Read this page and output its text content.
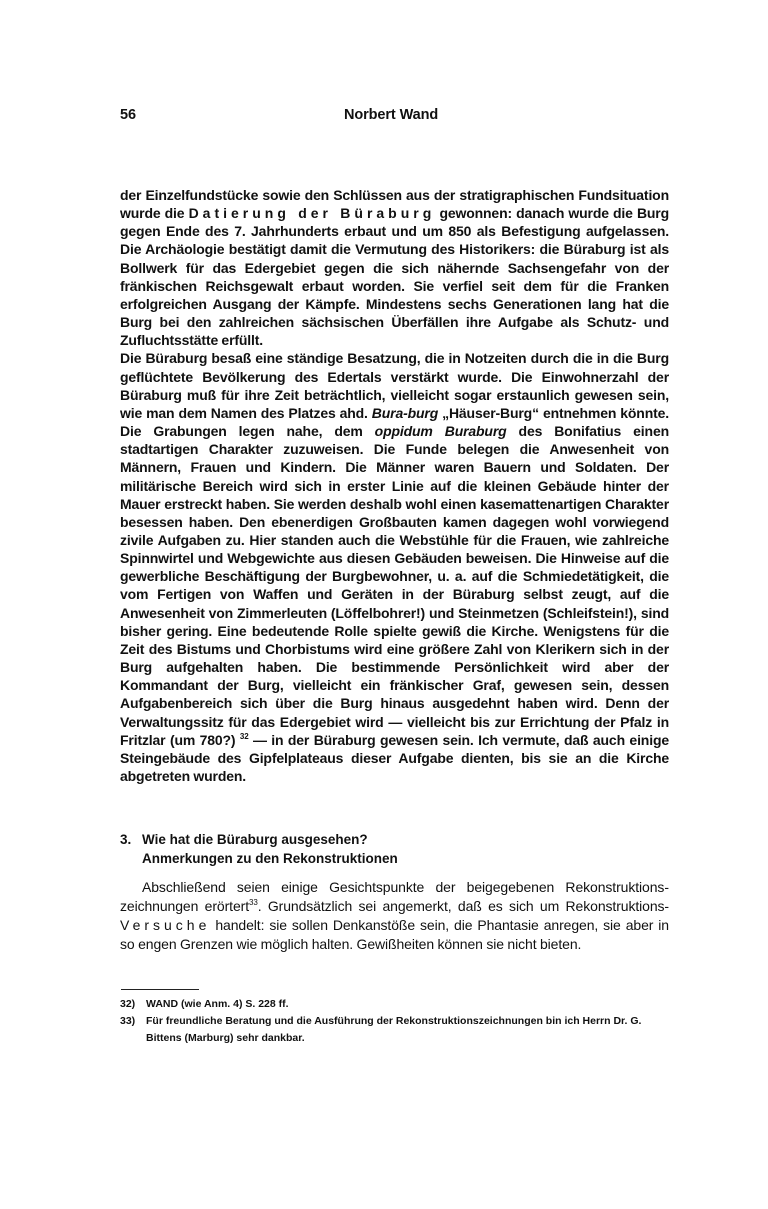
56	Norbert Wand

der Einzelfundstücke sowie den Schlüssen aus der stratigraphischen Fundsituation wurde die Datierung der Büraburg gewonnen: danach wurde die Burg gegen Ende des 7. Jahrhunderts erbaut und um 850 als Befestigung aufgelassen. Die Archäologie bestätigt damit die Vermutung des Historikers: die Büraburg ist als Bollwerk für das Edergebiet gegen die sich nähernde Sachsengefahr von der fränkischen Reichsgewalt erbaut worden. Sie verfiel seit dem für die Franken erfolgreichen Ausgang der Kämpfe. Mindestens sechs Generationen lang hat die Burg bei den zahlreichen sächsischen Überfällen ihre Aufgabe als Schutz- und Zufluchtsstätte erfüllt.

Die Büraburg besaß eine ständige Besatzung, die in Notzeiten durch die in die Burg geflüchtete Bevölkerung des Edertals verstärkt wurde. Die Einwohnerzahl der Büraburg muß für ihre Zeit beträchtlich, vielleicht sogar erstaunlich gewesen sein, wie man dem Namen des Platzes ahd. Bura-burg „Häuser-Burg“ entnehmen könnte. Die Grabungen legen nahe, dem oppidum Buraburg des Bonifatius einen stadtartigen Charakter zuzuweisen. Die Funde belegen die Anwesenheit von Männern, Frauen und Kindern. Die Männer waren Bauern und Soldaten. Der militärische Bereich wird sich in erster Linie auf die kleinen Gebäude hinter der Mauer erstreckt haben. Sie werden deshalb wohl einen kasemattenartigen Charakter besessen haben. Den ebenerdigen Großbauten kamen dagegen wohl vorwiegend zivile Aufgaben zu. Hier standen auch die Webstühle für die Frauen, wie zahlreiche Spinnwirtel und Webgewichte aus diesen Gebäuden beweisen. Die Hinweise auf die gewerbliche Beschäftigung der Burgbewohner, u. a. auf die Schmiedetätigkeit, die vom Fertigen von Waffen und Geräten in der Büraburg selbst zeugt, auf die Anwesenheit von Zimmerleuten (Löffelbohrer!) und Steinmetzen (Schleifstein!), sind bisher gering. Eine bedeutende Rolle spielte gewiß die Kirche. Wenigstens für die Zeit des Bistums und Chorbistums wird eine größere Zahl von Klerikern sich in der Burg aufgehalten haben. Die bestimmende Persönlichkeit wird aber der Kommandant der Burg, vielleicht ein fränkischer Graf, gewesen sein, dessen Aufgabenbereich sich über die Burg hinaus ausgedehnt haben wird. Denn der Verwaltungssitz für das Edergebiet wird — vielleicht bis zur Errichtung der Pfalz in Fritzlar (um 780?) $^{32}$ — in der Büraburg gewesen sein. Ich vermute, daß auch einige Steingebäude des Gipfelplateaus dieser Aufgabe dienten, bis sie an die Kirche abgetreten wurden.

3. Wie hat die Büraburg ausgesehen?
Anmerkungen zu den Rekonstruktionen

Abschließend seien einige Gesichtspunkte der beigegebenen Rekonstruktionszeichnungen erörtert$^{33}$. Grundsätzlich sei angemerkt, daß es sich um Rekonstruktions-Versuche handelt: sie sollen Denkanstöße sein, die Phantasie anregen, sie aber in so engen Grenzen wie möglich halten. Gewißheiten können sie nicht bieten.

32) WAND (wie Anm. 4) S. 228 ff.
33) Für freundliche Beratung und die Ausführung der Rekonstruktionszeichnungen bin ich Herrn Dr. G. Bittens (Marburg) sehr dankbar.
